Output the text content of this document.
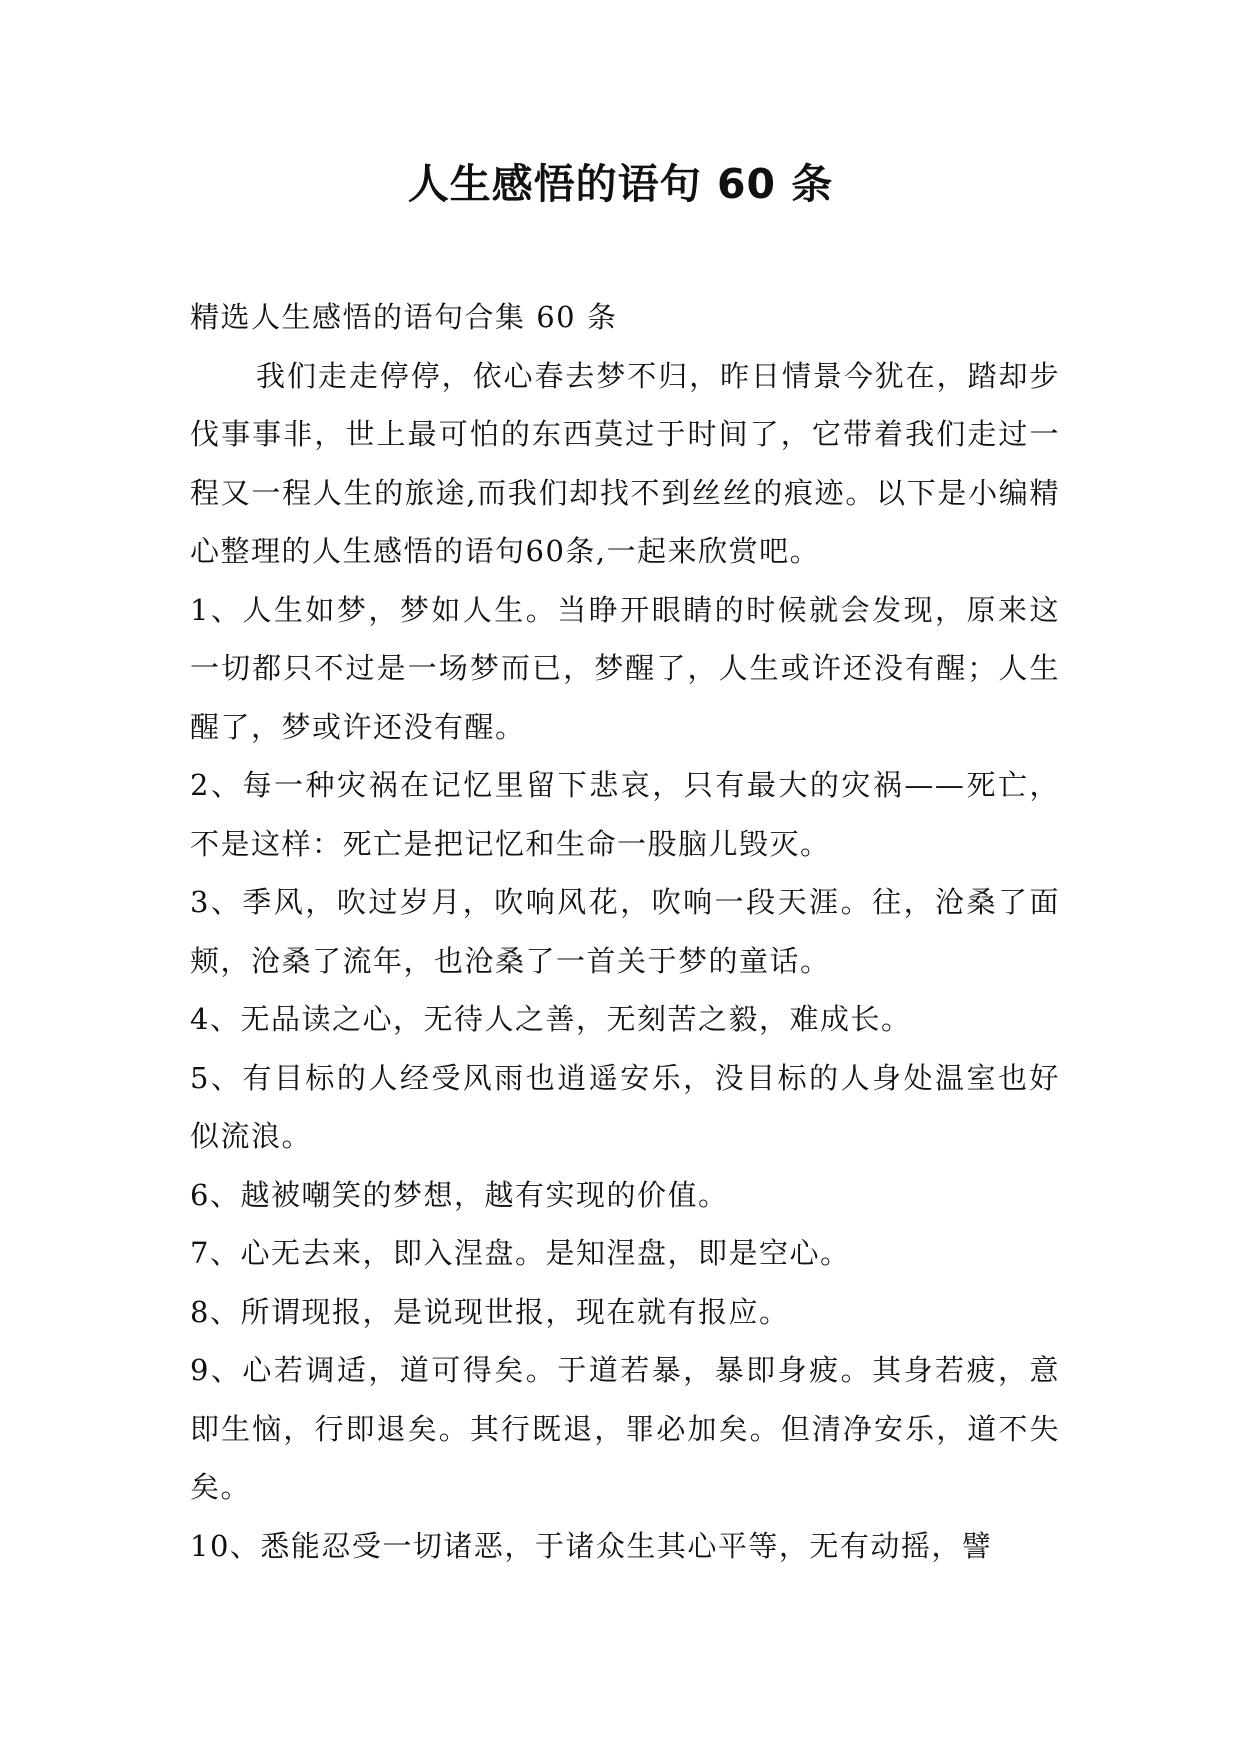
人生感悟的语句 60 条

精选人生感悟的语句合集 60 条

我们走走停停，依心春去梦不归，昨日情景今犹在，踏却步伐事事非，世上最可怕的东西莫过于时间了，它带着我们走过一程又一程人生的旅途,而我们却找不到丝丝的痕迹。以下是小编精心整理的人生感悟的语句60条,一起来欣赏吧。

1、人生如梦，梦如人生。当睁开眼睛的时候就会发现，原来这一切都只不过是一场梦而已，梦醒了，人生或许还没有醒；人生醒了，梦或许还没有醒。

2、每一种灾祸在记忆里留下悲哀，只有最大的灾祸——死亡，不是这样：死亡是把记忆和生命一股脑儿毁灭。

3、季风，吹过岁月，吹响风花，吹响一段天涯。往，沧桑了面颊，沧桑了流年，也沧桑了一首关于梦的童话。

4、无品读之心，无待人之善，无刻苦之毅，难成长。

5、有目标的人经受风雨也逍遥安乐，没目标的人身处温室也好似流浪。

6、越被嘲笑的梦想，越有实现的价值。

7、心无去来，即入涅盘。是知涅盘，即是空心。

8、所谓现报，是说现世报，现在就有报应。

9、心若调适，道可得矣。于道若暴，暴即身疲。其身若疲，意即生恼，行即退矣。其行既退，罪必加矣。但清净安乐，道不失矣。

10、悉能忍受一切诸恶，于诸众生其心平等，无有动摇，譬
